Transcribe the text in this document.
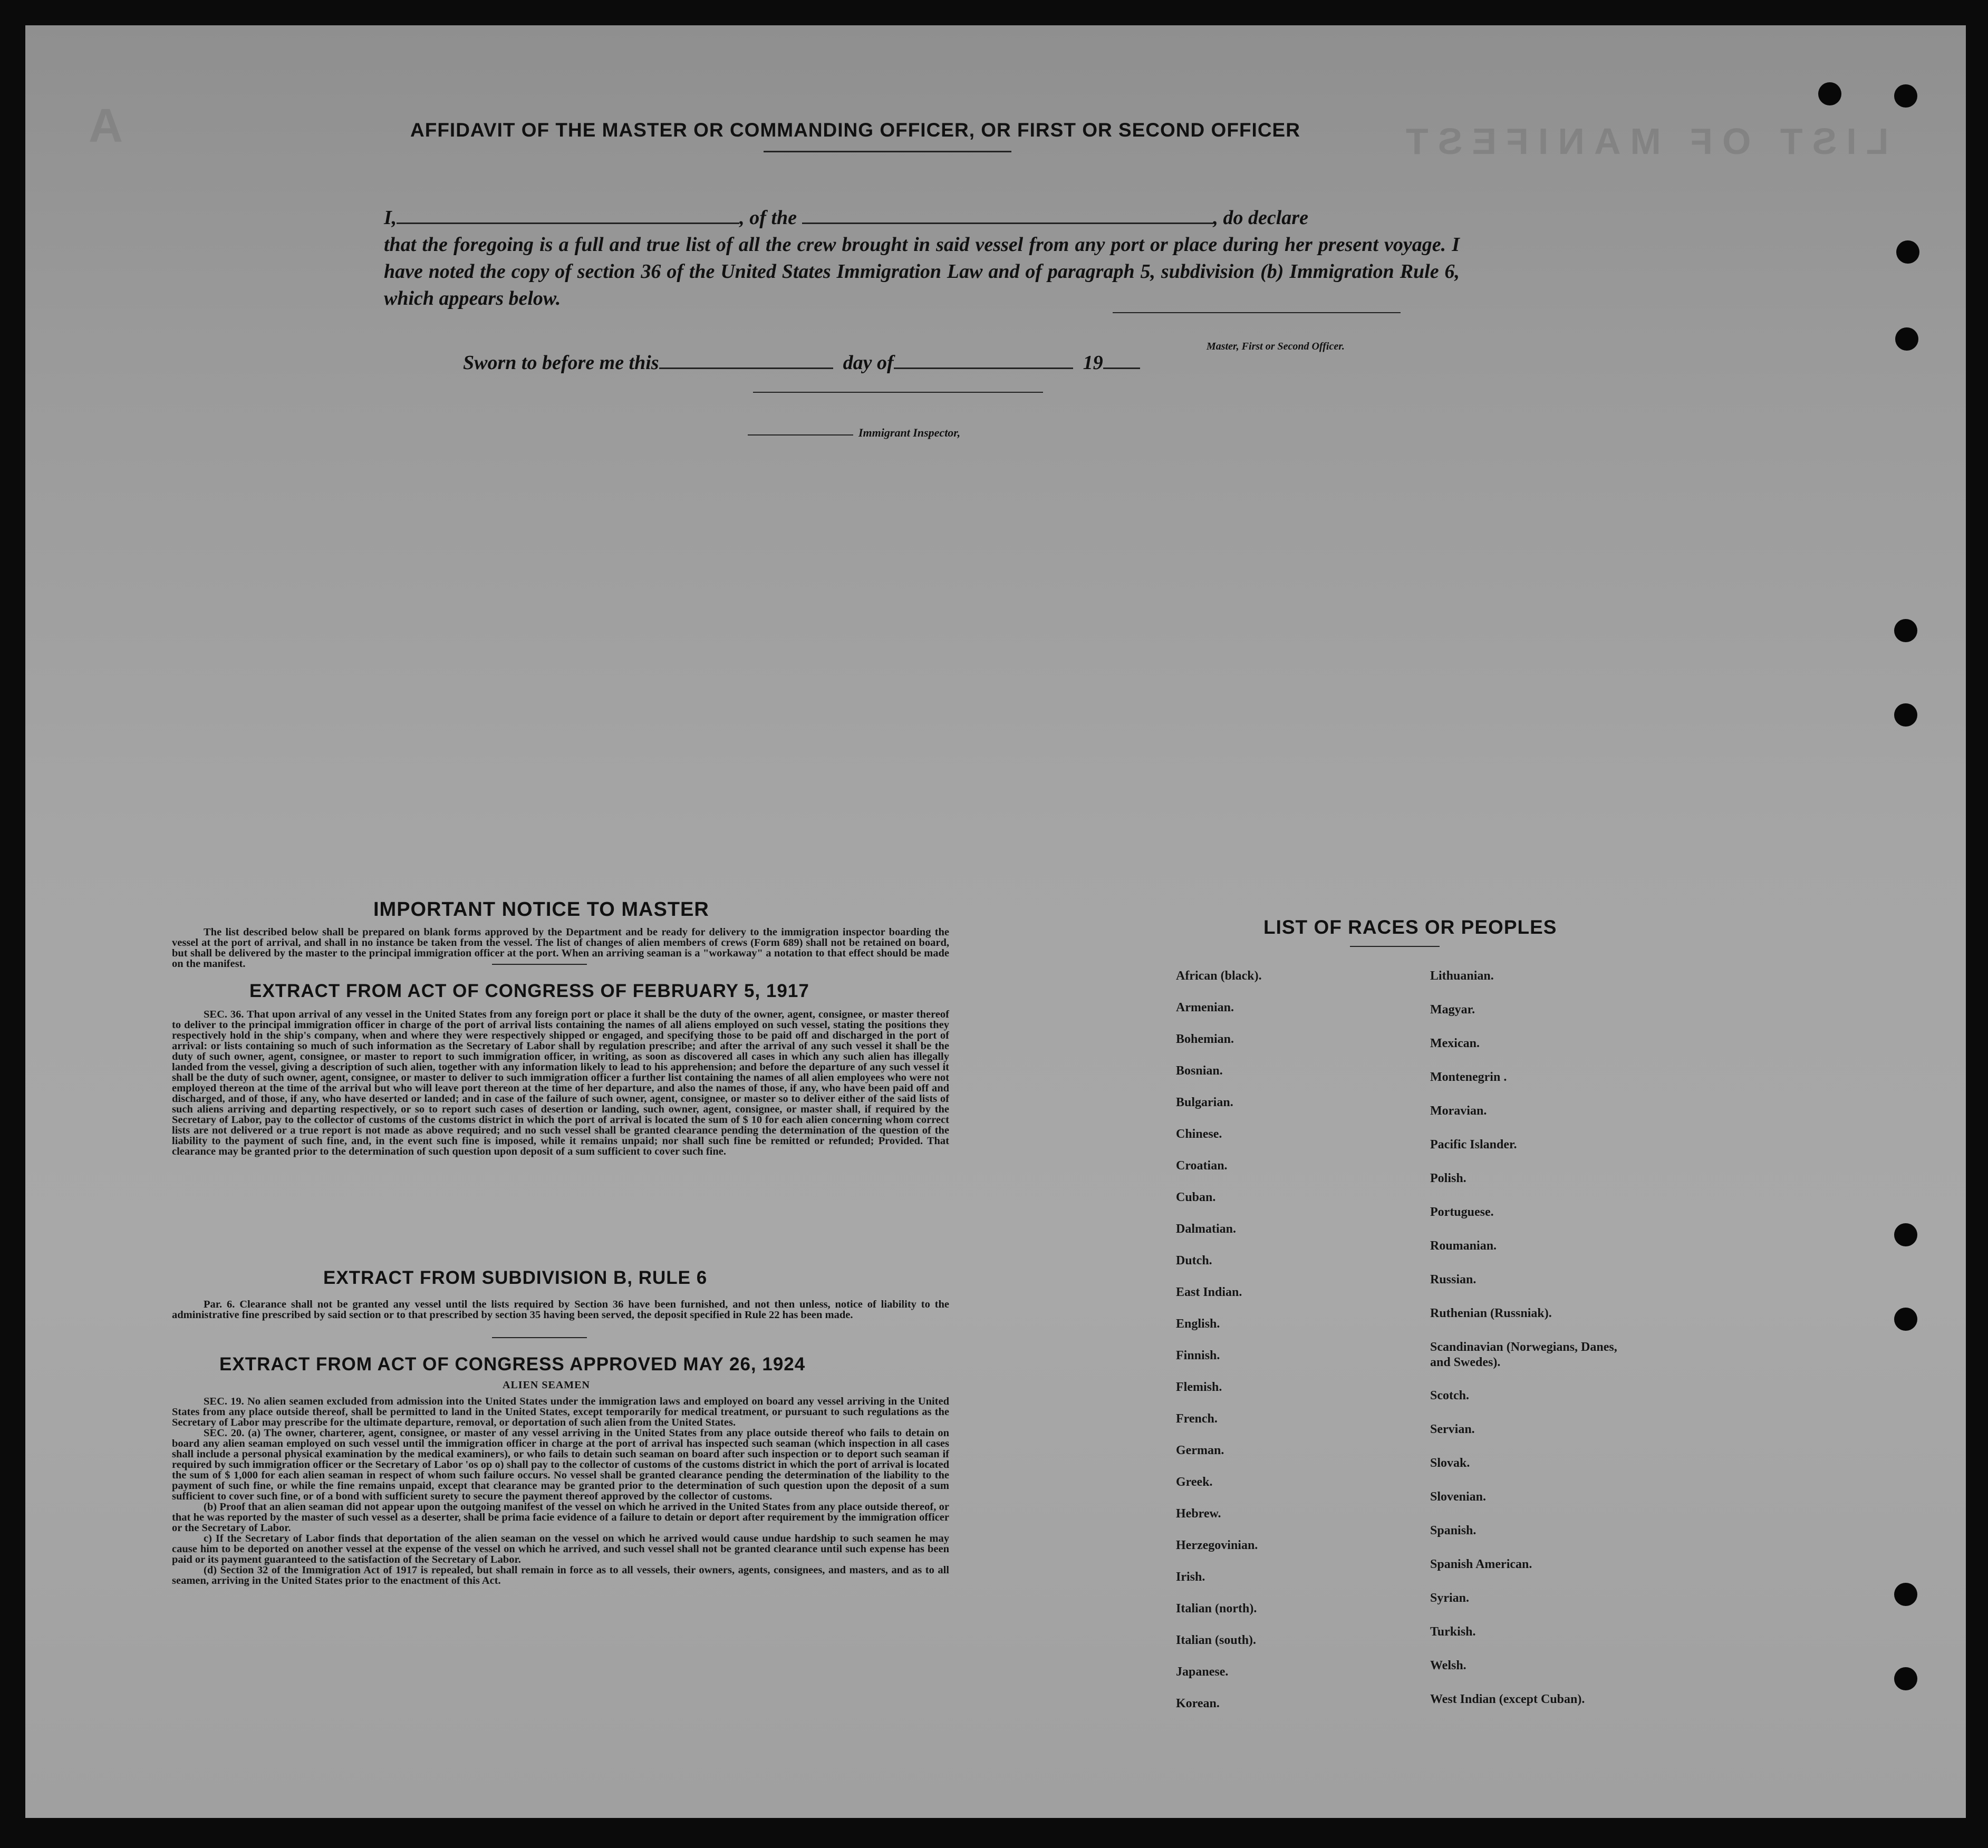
A	LIST OF MANIFEST
AFFIDAVIT OF THE MASTER OR COMMANDING OFFICER, OR FIRST OR SECOND OFFICER
I,	, of the	, do declare
that the foregoing is a full and true list of all the crew brought in said vessel from any port or place during her present voyage. I have noted the copy of section 36 of the United States Immigration Law and of paragraph 5, subdivision (b) Immigration Rule 6, which appears below.
Master, First or Second Officer.
Sworn to before me this	day of	19
Immigrant Inspector,
IMPORTANT NOTICE TO MASTER

The list described below shall be prepared on blank forms approved by the Department and be ready for delivery to the immigration inspector boarding the vessel at the port of arrival, and shall in no instance be taken from the vessel. The list of changes of alien members of crews (Form 689) shall not be retained on board, but shall be delivered by the master to the principal immigration officer at the port. When an arriving seaman is a "workaway" a notation to that effect should be made on the manifest.

EXTRACT FROM ACT OF CONGRESS OF FEBRUARY 5, 1917

SEC. 36. That upon arrival of any vessel in the United States from any foreign port or place it shall be the duty of the owner, agent, consignee, or master thereof to deliver to the principal immigration officer in charge of the port of arrival lists containing the names of all aliens employed on such vessel, stating the positions they respectively hold in the ship's company, when and where they were respectively shipped or engaged, and specifying those to be paid off and discharged in the port of arrival: or lists containing so much of such information as the Secretary of Labor shall by regulation prescribe; and after the arrival of any such vessel it shall be the duty of such owner, agent, consignee, or master to report to such immigration officer, in writing, as soon as discovered all cases in which any such alien has illegally landed from the vessel, giving a description of such alien, together with any information likely to lead to his apprehension; and before the departure of any such vessel it shall be the duty of such owner, agent, consignee, or master to deliver to such immigration officer a further list containing the names of all alien employees who were not employed thereon at the time of the arrival but who will leave port thereon at the time of her departure, and also the names of those, if any, who have been paid off and discharged, and of those, if any, who have deserted or landed; and in case of the failure of such owner, agent, consignee, or master so to deliver either of the said lists of such aliens arriving and departing respectively, or so to report such cases of desertion or landing, such owner, agent, consignee, or master shall, if required by the Secretary of Labor, pay to the collector of customs of the customs district in which the port of arrival is located the sum of $ 10 for each alien concerning whom correct lists are not delivered or a true report is not made as above required; and no such vessel shall be granted clearance pending the determination of the question of the liability to the payment of such fine, and, in the event such fine is imposed, while it remains unpaid; nor shall such fine be remitted or refunded; Provided. That clearance may be granted prior to the determination of such question upon deposit of a sum sufficient to cover such fine.

EXTRACT FROM SUBDIVISION B, RULE 6

Par. 6. Clearance shall not be granted any vessel until the lists required by Section 36 have been furnished, and not then unless, notice of liability to the administrative fine prescribed by said section or to that prescribed by section 35 having been served, the deposit specified in Rule 22 has been made.

EXTRACT FROM ACT OF CONGRESS APPROVED MAY 26, 1924
ALIEN SEAMEN

SEC. 19. No alien seamen excluded from admission into the United States under the immigration laws and employed on board any vessel arriving in the United States from any place outside thereof, shall be permitted to land in the United States, except temporarily for medical treatment, or pursuant to such regulations as the Secretary of Labor may prescribe for the ultimate departure, removal, or deportation of such alien from the United States.

SEC. 20. (a) The owner, charterer, agent, consignee, or master of any vessel arriving in the United States from any place outside thereof who fails to detain on board any alien seaman employed on such vessel until the immigration officer in charge at the port of arrival has inspected such seaman (which inspection in all cases shall include a personal physical examination by the medical examiners), or who fails to detain such seaman on board after such inspection or to deport such seaman if required by such immigration officer or the Secretary of Labor 'os op o) shall pay to the collector of customs of the customs district in which the port of arrival is located the sum of $ 1,000 for each alien seaman in respect of whom such failure occurs. No vessel shall be granted clearance pending the determination of the liability to the payment of such fine, or while the fine remains unpaid, except that clearance may be granted prior to the determination of such question upon the deposit of a sum sufficient to cover such fine, or of a bond with sufficient surety to secure the payment thereof approved by the collector of customs.

(b) Proof that an alien seaman did not appear upon the outgoing manifest of the vessel on which he arrived in the United States from any place outside thereof, or that he was reported by the master of such vessel as a deserter, shall be prima facie evidence of a failure to detain or deport after requirement by the immigration officer or the Secretary of Labor.

c) If the Secretary of Labor finds that deportation of the alien seaman on the vessel on which he arrived would cause undue hardship to such seamen he may cause him to be deported on another vessel at the expense of the vessel on which he arrived, and such vessel shall not be granted clearance until such expense has been paid or its payment guaranteed to the satisfaction of the Secretary of Labor.

(d) Section 32 of the Immigration Act of 1917 is repealed, but shall remain in force as to all vessels, their owners, agents, consignees, and masters, and as to all seamen, arriving in the United States prior to the enactment of this Act.

LIST OF RACES OR PEOPLES
African (black).
Armenian.
Bohemian.
Bosnian.
Bulgarian.
Chinese.
Croatian.
Cuban.
Dalmatian.
Dutch.
East Indian.
English.
Finnish.
Flemish.
French.
German.
Greek.
Hebrew.
Herzegovinian.
Irish.
Italian (north).
Italian (south).
Japanese.
Korean.
Lithuanian.
Magyar.
Mexican.
Montenegrin .
Moravian.
Pacific Islander.
Polish.
Portuguese.
Roumanian.
Russian.
Ruthenian (Russniak).
Scandinavian (Norwegians, Danes, and Swedes).
Scotch.
Servian.
Slovak.
Slovenian.
Spanish.
Spanish American.
Syrian.
Turkish.
Welsh.
West Indian (except Cuban).
